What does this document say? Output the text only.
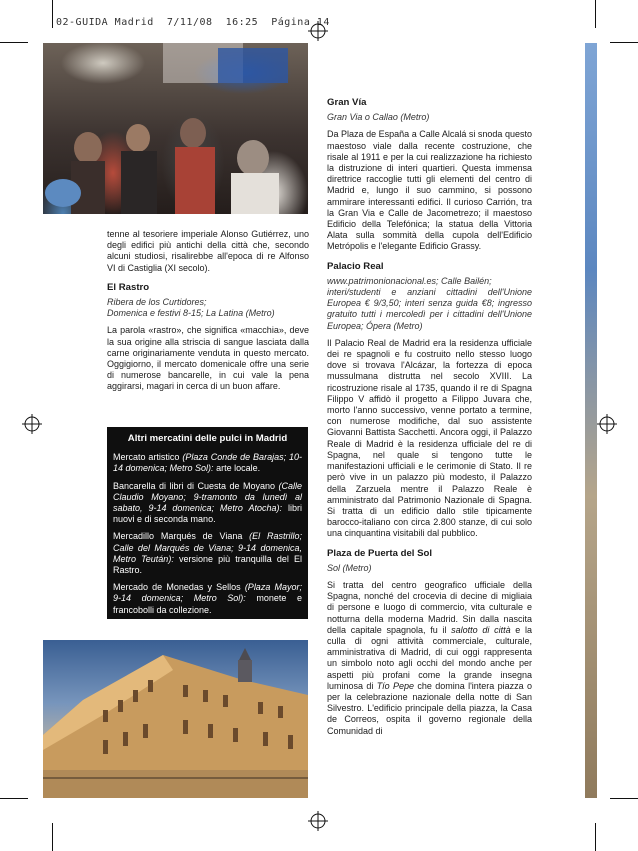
02-GUIDA Madrid 7/11/08 16:25 Página 14

tenne al tesoriere imperiale Alonso Gutiérrez, uno degli edifici più antichi della città che, secondo alcuni studiosi, risalirebbe all'epoca di re Alfonso VI di Castiglia (XI secolo).

El Rastro
Ribera de los Curtidores;
Domenica e festivi 8-15; La Latina (Metro)

La parola «rastro», che significa «macchia», deve la sua origine alla striscia di sangue lasciata dalla carne originariamente venduta in questo mercato. Oggigiorno, il mercato domenicale offre una serie di numerose bancarelle, in cui vale la pena aggirarsi, magari in cerca di un buon affare.

Altri mercatini delle pulci in Madrid

Mercato artistico (Plaza Conde de Barajas; 10-14 domenica; Metro Sol): arte locale.

Bancarella di libri di Cuesta de Moyano (Calle Claudio Moyano; 9-tramonto da lunedì al sabato, 9-14 domenica; Metro Atocha): libri nuovi e di seconda mano.

Mercadillo Marqués de Viana (El Rastrillo; Calle del Marqués de Viana; 9-14 domenica, Metro Teután): versione più tranquilla del El Rastro.

Mercado de Monedas y Sellos (Plaza Mayor; 9-14 domenica; Metro Sol): monete e francobolli da collezione.

Gran Vía
Gran Via o Callao (Metro)

Da Plaza de España a Calle Alcalá si snoda questo maestoso viale dalla recente costruzione, che risale al 1911 e per la cui realizzazione ha richiesto la distruzione di interi quartieri. Questa immensa direttrice raccoglie tutti gli elementi del centro di Madrid e, lungo il suo cammino, si possono ammirare interessanti edifici. Il curioso Carrión, tra la Gran Via e Calle de Jacometrezo; il maestoso Edificio della Telefónica; la statua della Vittoria Alata sulla sommità della cupola dell'Edificio Metrópolis e l'elegante Edificio Grassy.

Palacio Real
www.patrimonionacional.es; Calle Bailén;
interi/studenti e anziani cittadini dell'Unione Europea € 9/3,50; interi senza guida €8; ingresso gratuito tutti i mercoledì per i cittadini dell'Unione Europea; Ópera (Metro)

Il Palacio Real de Madrid era la residenza ufficiale dei re spagnoli e fu costruito nello stesso luogo dove si trovava l'Alcázar, la fortezza di epoca mussulmana distrutta nel secolo XVIII. La ricostruzione risale al 1735, quando il re di Spagna Filippo V affidò il progetto a Filippo Juvara che, morto l'anno successivo, venne portato a termine, con numerose modifiche, dal suo assistente Giovanni Battista Sacchetti. Ancora oggi, il Palazzo Reale di Madrid è la residenza ufficiale del re di Spagna, nel quale si tengono tutte le manifestazioni ufficiali e le cerimonie di Stato. Il re però vive in un palazzo più modesto, il Palazzo della Zarzuela mentre il Palazzo Reale è amministrato dal Patrimonio Nazionale di Spagna. Si tratta di un edificio dallo stile tipicamente barocco-italiano con circa 2.800 stanze, di cui solo una cinquantina visitabili dal pubblico.

Plaza de Puerta del Sol
Sol (Metro)

Si tratta del centro geografico ufficiale della Spagna, nonché del crocevia di decine di migliaia di persone e luogo di commercio, vita culturale e notturna della moderna Madrid. Sin dalla nascita della capitale spagnola, fu il salotto di città e la culla di ogni attività commerciale, culturale, amministrativa di Madrid, di cui oggi rappresenta un simbolo noto agli occhi del mondo anche per aspetti più profani come la grande insegna luminosa di Tío Pepe che domina l'intera piazza o per la celebrazione nazionale della notte di San Silvestro. L'edificio principale della piazza, la Casa de Correos, ospita il governo regionale della Comunidad di
